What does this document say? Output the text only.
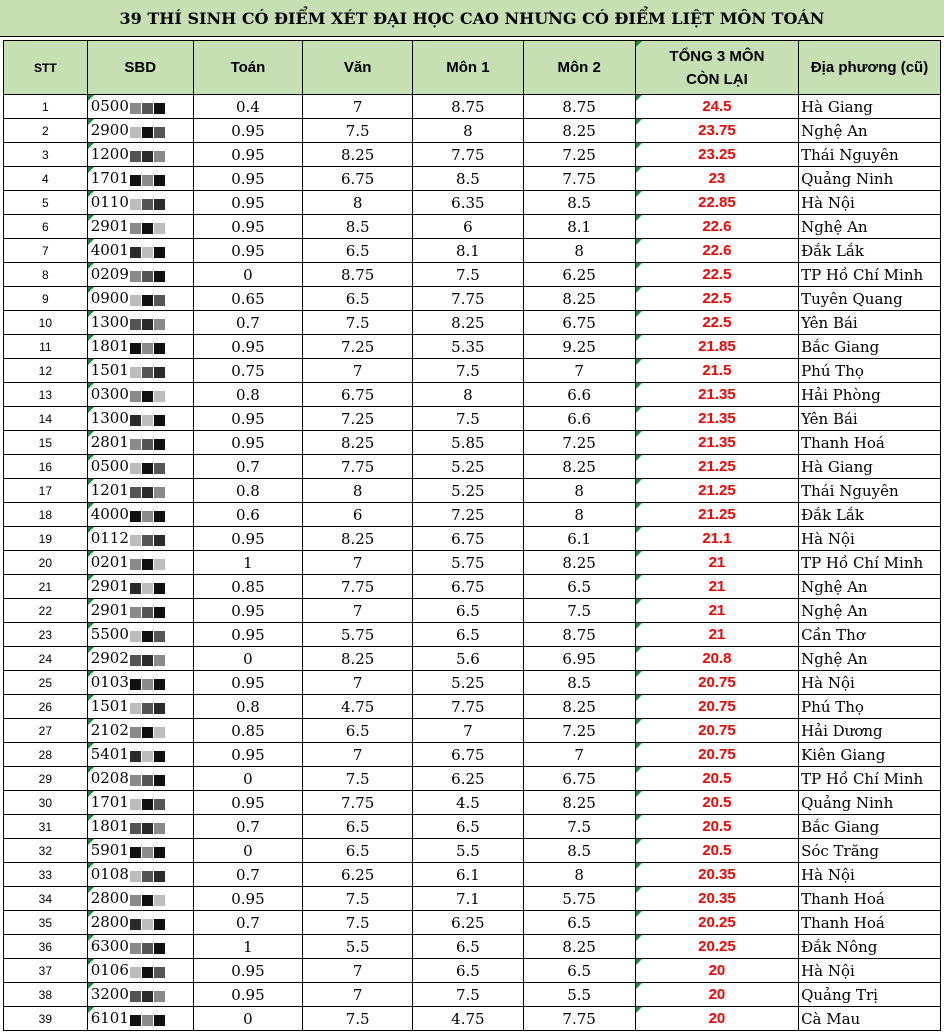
39 THÍ SINH CÓ ĐIỂM XÉT ĐẠI HỌC CAO NHƯNG CÓ ĐIỂM LIỆT MÔN TOÁN
STT	SBD	Toán	Văn	Môn 1	Môn 2	TỔNG 3 MÔN
CÒN LẠI	Địa phương (cũ)
1	0500	0.4	7	8.75	8.75	24.5	Hà Giang
2	2900	0.95	7.5	8	8.25	23.75	Nghệ An
3	1200	0.95	8.25	7.75	7.25	23.25	Thái Nguyên
4	1701	0.95	6.75	8.5	7.75	23	Quảng Ninh
5	0110	0.95	8	6.35	8.5	22.85	Hà Nội
6	2901	0.95	8.5	6	8.1	22.6	Nghệ An
7	4001	0.95	6.5	8.1	8	22.6	Đắk Lắk
8	0209	0	8.75	7.5	6.25	22.5	TP Hồ Chí Minh
9	0900	0.65	6.5	7.75	8.25	22.5	Tuyên Quang
10	1300	0.7	7.5	8.25	6.75	22.5	Yên Bái
11	1801	0.95	7.25	5.35	9.25	21.85	Bắc Giang
12	1501	0.75	7	7.5	7	21.5	Phú Thọ
13	0300	0.8	6.75	8	6.6	21.35	Hải Phòng
14	1300	0.95	7.25	7.5	6.6	21.35	Yên Bái
15	2801	0.95	8.25	5.85	7.25	21.35	Thanh Hoá
16	0500	0.7	7.75	5.25	8.25	21.25	Hà Giang
17	1201	0.8	8	5.25	8	21.25	Thái Nguyên
18	4000	0.6	6	7.25	8	21.25	Đắk Lắk
19	0112	0.95	8.25	6.75	6.1	21.1	Hà Nội
20	0201	1	7	5.75	8.25	21	TP Hồ Chí Minh
21	2901	0.85	7.75	6.75	6.5	21	Nghệ An
22	2901	0.95	7	6.5	7.5	21	Nghệ An
23	5500	0.95	5.75	6.5	8.75	21	Cần Thơ
24	2902	0	8.25	5.6	6.95	20.8	Nghệ An
25	0103	0.95	7	5.25	8.5	20.75	Hà Nội
26	1501	0.8	4.75	7.75	8.25	20.75	Phú Thọ
27	2102	0.85	6.5	7	7.25	20.75	Hải Dương
28	5401	0.95	7	6.75	7	20.75	Kiên Giang
29	0208	0	7.5	6.25	6.75	20.5	TP Hồ Chí Minh
30	1701	0.95	7.75	4.5	8.25	20.5	Quảng Ninh
31	1801	0.7	6.5	6.5	7.5	20.5	Bắc Giang
32	5901	0	6.5	5.5	8.5	20.5	Sóc Trăng
33	0108	0.7	6.25	6.1	8	20.35	Hà Nội
34	2800	0.95	7.5	7.1	5.75	20.35	Thanh Hoá
35	2800	0.7	7.5	6.25	6.5	20.25	Thanh Hoá
36	6300	1	5.5	6.5	8.25	20.25	Đắk Nông
37	0106	0.95	7	6.5	6.5	20	Hà Nội
38	3200	0.95	7	7.5	5.5	20	Quảng Trị
39	6101	0	7.5	4.75	7.75	20	Cà Mau
